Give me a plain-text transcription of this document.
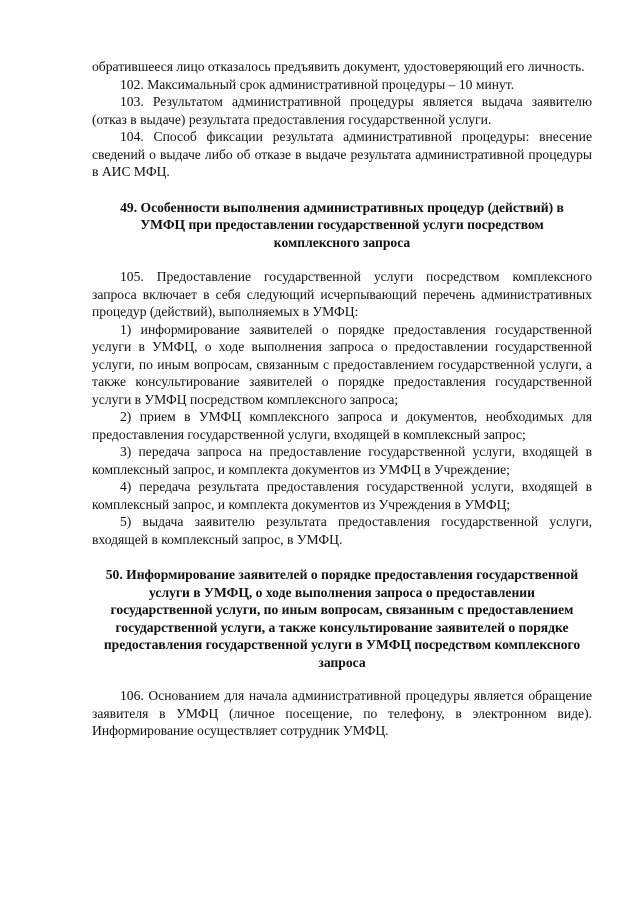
обратившееся лицо отказалось предъявить документ, удостоверяющий его личность.

102. Максимальный срок административной процедуры – 10 минут.

103. Результатом административной процедуры является выдача заявителю (отказ в выдаче) результата предоставления государственной услуги.

104. Способ фиксации результата административной процедуры: внесение сведений о выдаче либо об отказе в выдаче результата административной процедуры в АИС МФЦ.

49. Особенности выполнения административных процедур (действий) в УМФЦ при предоставлении государственной услуги посредством комплексного запроса

105. Предоставление государственной услуги посредством комплексного запроса включает в себя следующий исчерпывающий перечень административных процедур (действий), выполняемых в УМФЦ:

1) информирование заявителей о порядке предоставления государственной услуги в УМФЦ, о ходе выполнения запроса о предоставлении государственной услуги, по иным вопросам, связанным с предоставлением государственной услуги, а также консультирование заявителей о порядке предоставления государственной услуги в УМФЦ посредством комплексного запроса;

2) прием в УМФЦ комплексного запроса и документов, необходимых для предоставления государственной услуги, входящей в комплексный запрос;

3) передача запроса на предоставление государственной услуги, входящей в комплексный запрос, и комплекта документов из УМФЦ в Учреждение;

4) передача результата предоставления государственной услуги, входящей в комплексный запрос, и комплекта документов из Учреждения в УМФЦ;

5) выдача заявителю результата предоставления государственной услуги, входящей в комплексный запрос, в УМФЦ.

50. Информирование заявителей о порядке предоставления государственной услуги в УМФЦ, о ходе выполнения запроса о предоставлении государственной услуги, по иным вопросам, связанным с предоставлением государственной услуги, а также консультирование заявителей о порядке предоставления государственной услуги в УМФЦ посредством комплексного запроса

106. Основанием для начала административной процедуры является обращение заявителя в УМФЦ (личное посещение, по телефону, в электронном виде). Информирование осуществляет сотрудник УМФЦ.
